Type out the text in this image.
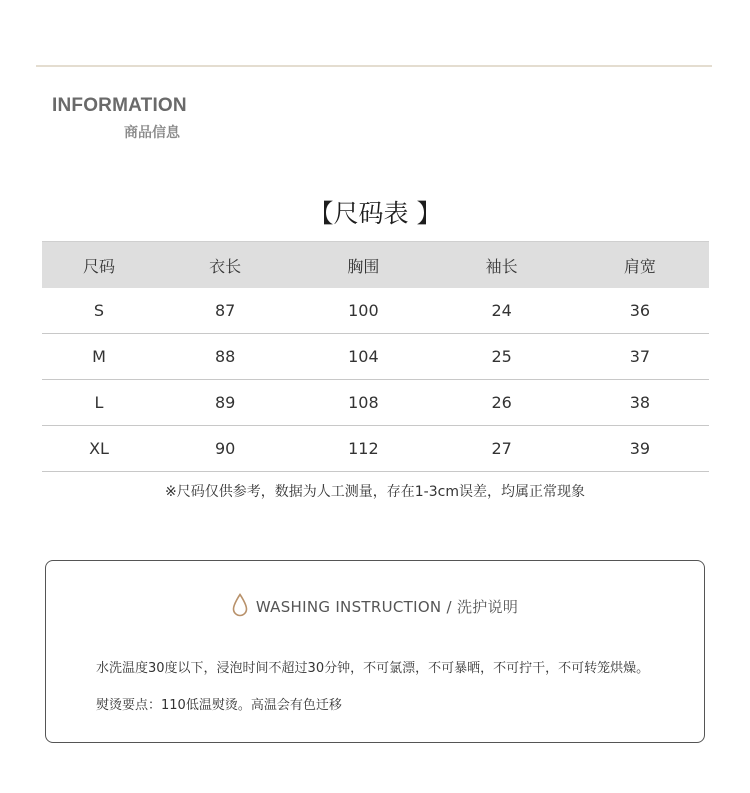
INFORMATION
商品信息
【尺码表 】
尺码	衣长	胸围	袖长	肩宽
S	87	100	24	36
M	88	104	25	37
L	89	108	26	38
XL	90	112	27	39
※尺码仅供参考，数据为人工测量，存在1-3cm误差，均属正常现象
WASHING INSTRUCTION / 洗护说明
水洗温度30度以下，浸泡时间不超过30分钟，不可氯漂，不可暴晒，不可拧干，不可转笼烘燥。
熨烫要点：110低温熨烫。高温会有色迁移
